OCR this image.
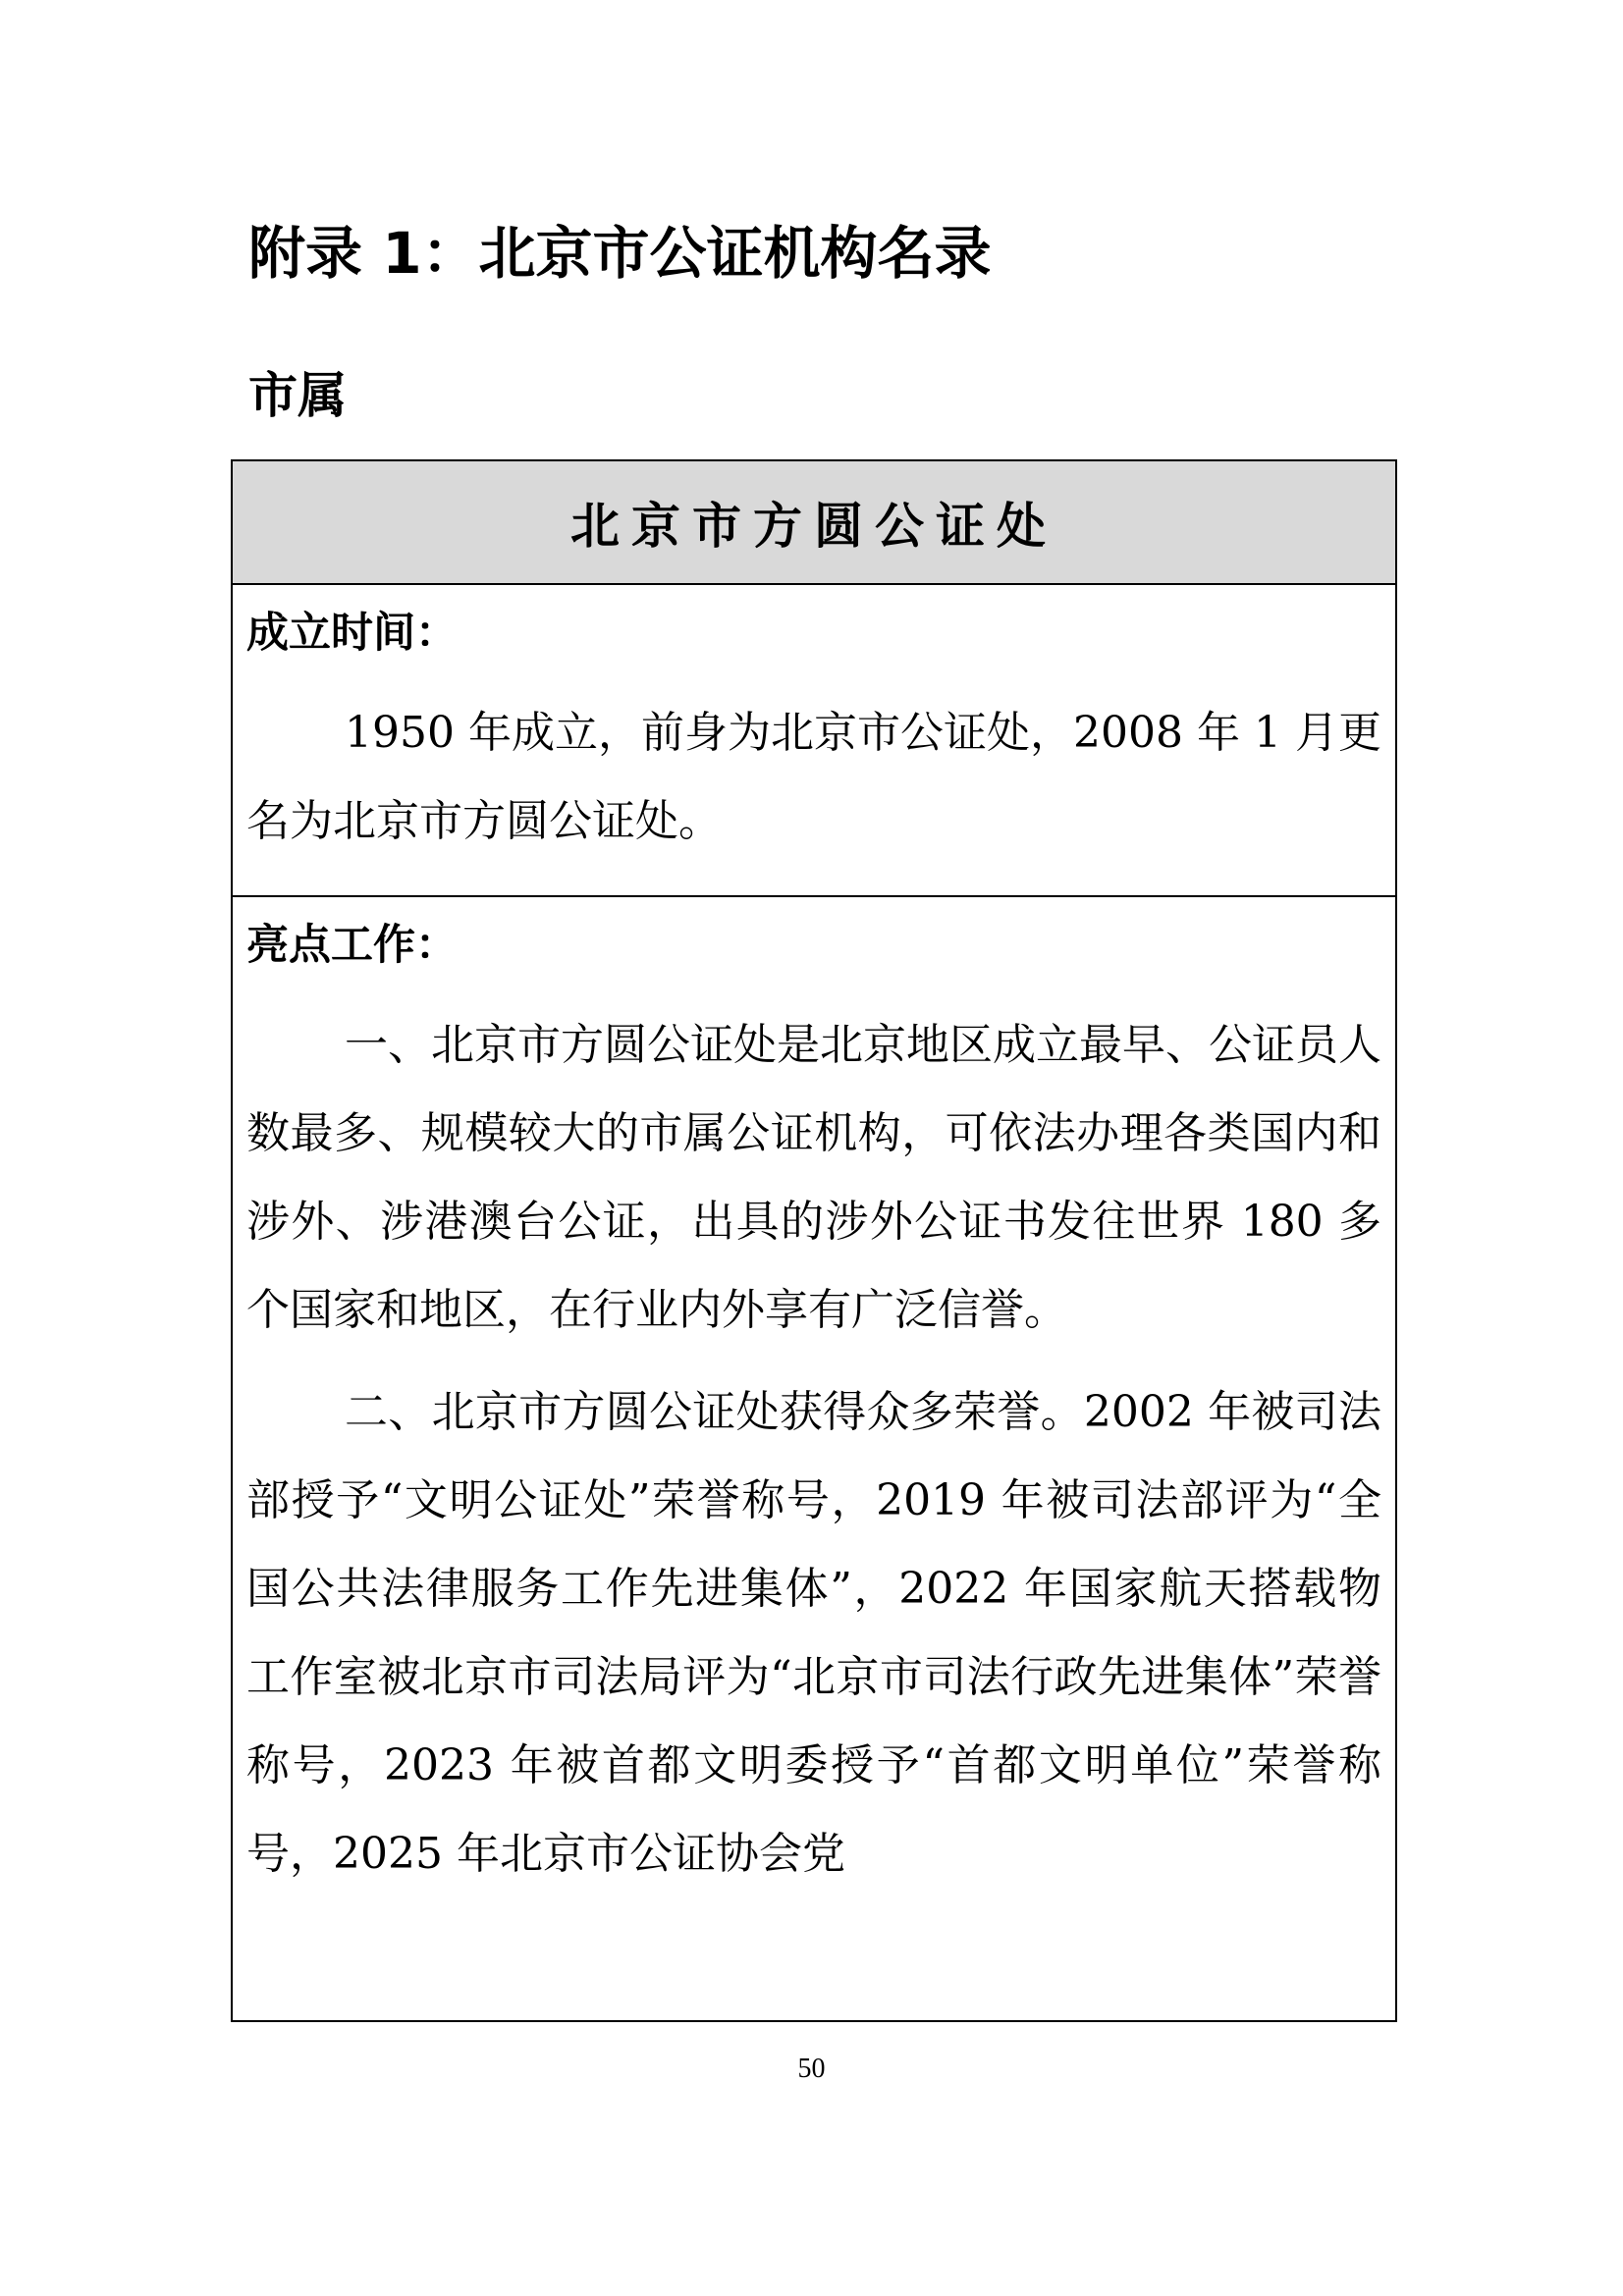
附录 1：北京市公证机构名录
市属
北京市方圆公证处
成立时间：

1950 年成立，前身为北京市公证处，2008 年 1 月更名为北京市方圆公证处。

亮点工作：

一、北京市方圆公证处是北京地区成立最早、公证员人数最多、规模较大的市属公证机构，可依法办理各类国内和涉外、涉港澳台公证，出具的涉外公证书发往世界 180 多个国家和地区，在行业内外享有广泛信誉。

二、北京市方圆公证处获得众多荣誉。2002 年被司法部授予“文明公证处”荣誉称号，2019 年被司法部评为“全国公共法律服务工作先进集体”，2022 年国家航天搭载物工作室被北京市司法局评为“北京市司法行政先进集体”荣誉称号，2023 年被首都文明委授予“首都文明单位”荣誉称号，2025 年北京市公证协会党

50
